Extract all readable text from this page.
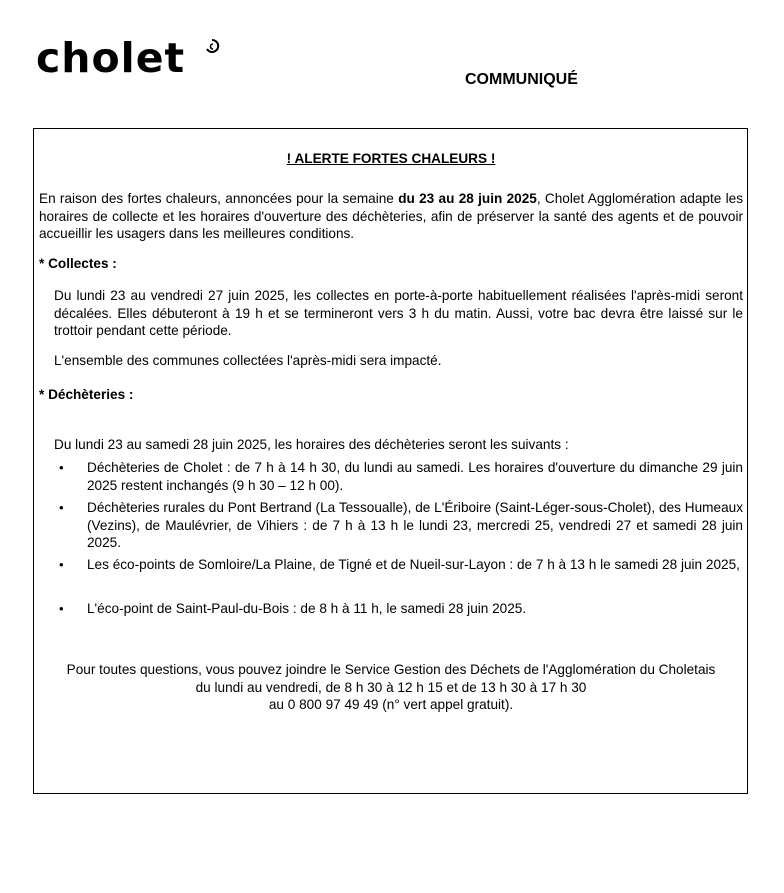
cholet	COMMUNIQUÉ
! ALERTE FORTES CHALEURS !
En raison des fortes chaleurs, annoncées pour la semaine du 23 au 28 juin 2025, Cholet Agglomération adapte les horaires de collecte et les horaires d'ouverture des déchèteries, afin de préserver la santé des agents et de pouvoir accueillir les usagers dans les meilleures conditions.
* Collectes :
Du lundi 23 au vendredi 27 juin 2025, les collectes en porte-à-porte habituellement réalisées l'après-midi seront décalées. Elles débuteront à 19 h et se termineront vers 3 h du matin. Aussi, votre bac devra être laissé sur le trottoir pendant cette période.
L'ensemble des communes collectées l'après-midi sera impacté.
* Déchèteries :
Du lundi 23 au samedi 28 juin 2025, les horaires des déchèteries seront les suivants :
• Déchèteries de Cholet : de 7 h à 14 h 30, du lundi au samedi. Les horaires d'ouverture du dimanche 29 juin 2025 restent inchangés (9 h 30 – 12 h 00).
• Déchèteries rurales du Pont Bertrand (La Tessoualle), de L'Ériboire (Saint-Léger-sous-Cholet), des Humeaux (Vezins), de Maulévrier, de Vihiers : de 7 h à 13 h le lundi 23, mercredi 25, vendredi 27 et samedi 28 juin 2025.
• Les éco-points de Somloire/La Plaine, de Tigné et de Nueil-sur-Layon : de 7 h à 13 h le samedi 28 juin 2025,
• L'éco-point de Saint-Paul-du-Bois : de 8 h à 11 h, le samedi 28 juin 2025.
Pour toutes questions, vous pouvez joindre le Service Gestion des Déchets de l'Agglomération du Choletais
du lundi au vendredi, de 8 h 30 à 12 h 15 et de 13 h 30 à 17 h 30
au 0 800 97 49 49 (n° vert appel gratuit).
